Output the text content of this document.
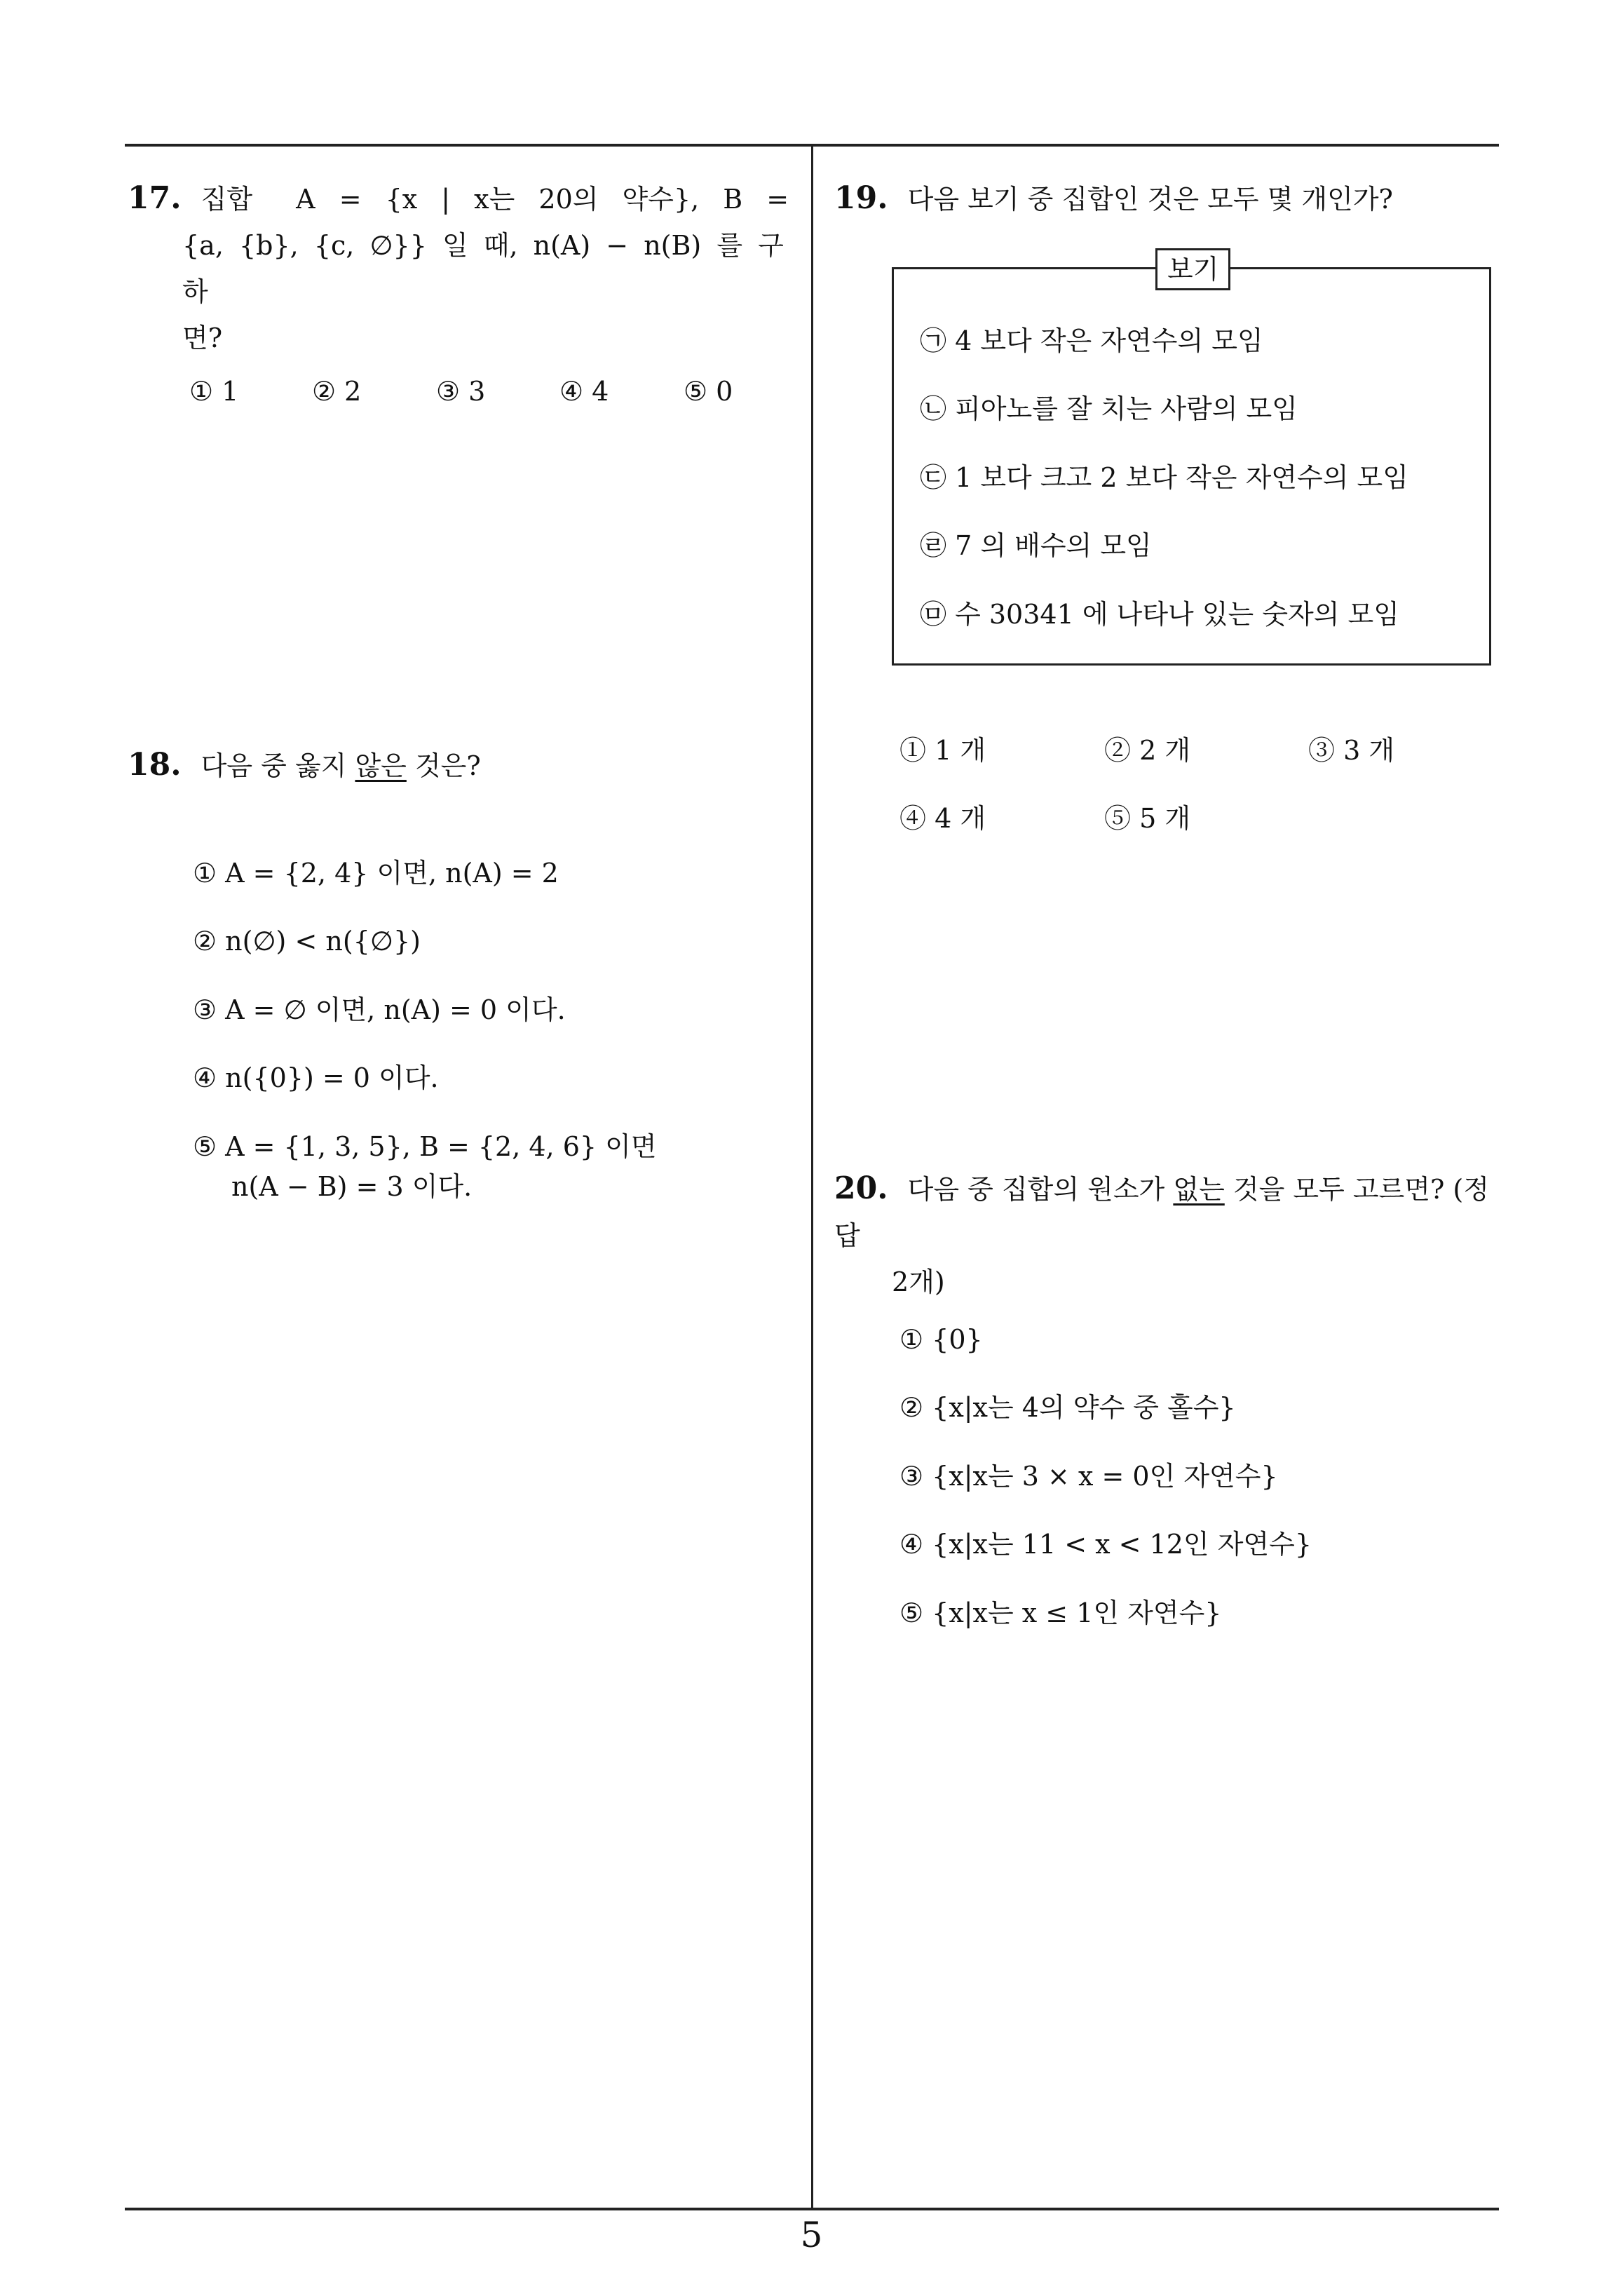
17. 집합 A = {x | x는 20의 약수}, B =
{a, {b}, {c, ∅}} 일 때, n(A) − n(B) 를 구하
면?
① 1	② 2	③ 3	④ 4	⑤ 0
18. 다음 중 옳지 않은 것은?
① A = {2, 4} 이면, n(A) = 2
② n(∅) < n({∅})
③ A = ∅ 이면, n(A) = 0 이다.
④ n({0}) = 0 이다.
⑤ A = {1, 3, 5}, B = {2, 4, 6} 이면
n(A − B) = 3 이다.
19. 다음 보기 중 집합인 것은 모두 몇 개인가?
보기
㉠ 4 보다 작은 자연수의 모임
㉡ 피아노를 잘 치는 사람의 모임
㉢ 1 보다 크고 2 보다 작은 자연수의 모임
㉣ 7 의 배수의 모임
㉤ 수 30341 에 나타나 있는 숫자의 모임
① 1 개	② 2 개	③ 3 개
④ 4 개	⑤ 5 개
20. 다음 중 집합의 원소가 없는 것을 모두 고르면? (정답
2개)
① {0}
② {x|x는 4의 약수 중 홀수}
③ {x|x는 3 × x = 0인 자연수}
④ {x|x는 11 < x < 12인 자연수}
⑤ {x|x는 x ≤ 1인 자연수}
5
